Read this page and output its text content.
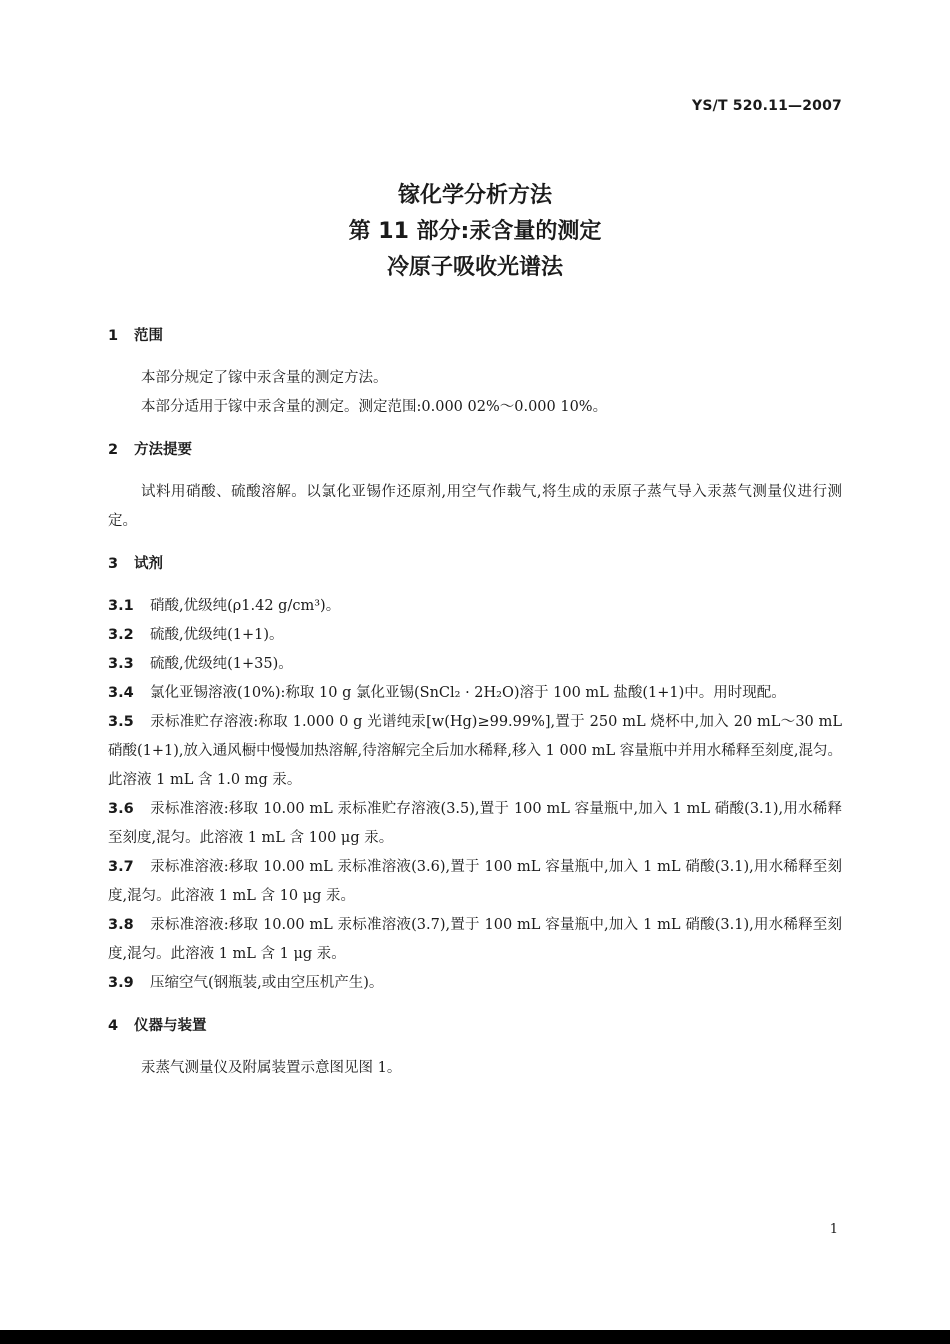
YS/T 520.11—2007
镓化学分析方法
第 11 部分:汞含量的测定
冷原子吸收光谱法
1 范围
本部分规定了镓中汞含量的测定方法。
本部分适用于镓中汞含量的测定。测定范围:0.000 02%～0.000 10%。
2 方法提要
试料用硝酸、硫酸溶解。以氯化亚锡作还原剂,用空气作载气,将生成的汞原子蒸气导入汞蒸气测量仪进行测定。
3 试剂
3.1 硝酸,优级纯(ρ1.42 g/cm³)。
3.2 硫酸,优级纯(1+1)。
3.3 硫酸,优级纯(1+35)。
3.4 氯化亚锡溶液(10%):称取 10 g 氯化亚锡(SnCl₂ · 2H₂O)溶于 100 mL 盐酸(1+1)中。用时现配。
3.5 汞标准贮存溶液:称取 1.000 0 g 光谱纯汞[w(Hg)≥99.99%],置于 250 mL 烧杯中,加入 20 mL～30 mL 硝酸(1+1),放入通风橱中慢慢加热溶解,待溶解完全后加水稀释,移入 1 000 mL 容量瓶中并用水稀释至刻度,混匀。此溶液 1 mL 含 1.0 mg 汞。
3.6 汞标准溶液:移取 10.00 mL 汞标准贮存溶液(3.5),置于 100 mL 容量瓶中,加入 1 mL 硝酸(3.1),用水稀释至刻度,混匀。此溶液 1 mL 含 100 μg 汞。
3.7 汞标准溶液:移取 10.00 mL 汞标准溶液(3.6),置于 100 mL 容量瓶中,加入 1 mL 硝酸(3.1),用水稀释至刻度,混匀。此溶液 1 mL 含 10 μg 汞。
3.8 汞标准溶液:移取 10.00 mL 汞标准溶液(3.7),置于 100 mL 容量瓶中,加入 1 mL 硝酸(3.1),用水稀释至刻度,混匀。此溶液 1 mL 含 1 μg 汞。
3.9 压缩空气(钢瓶装,或由空压机产生)。
4 仪器与装置
汞蒸气测量仪及附属装置示意图见图 1。
1
